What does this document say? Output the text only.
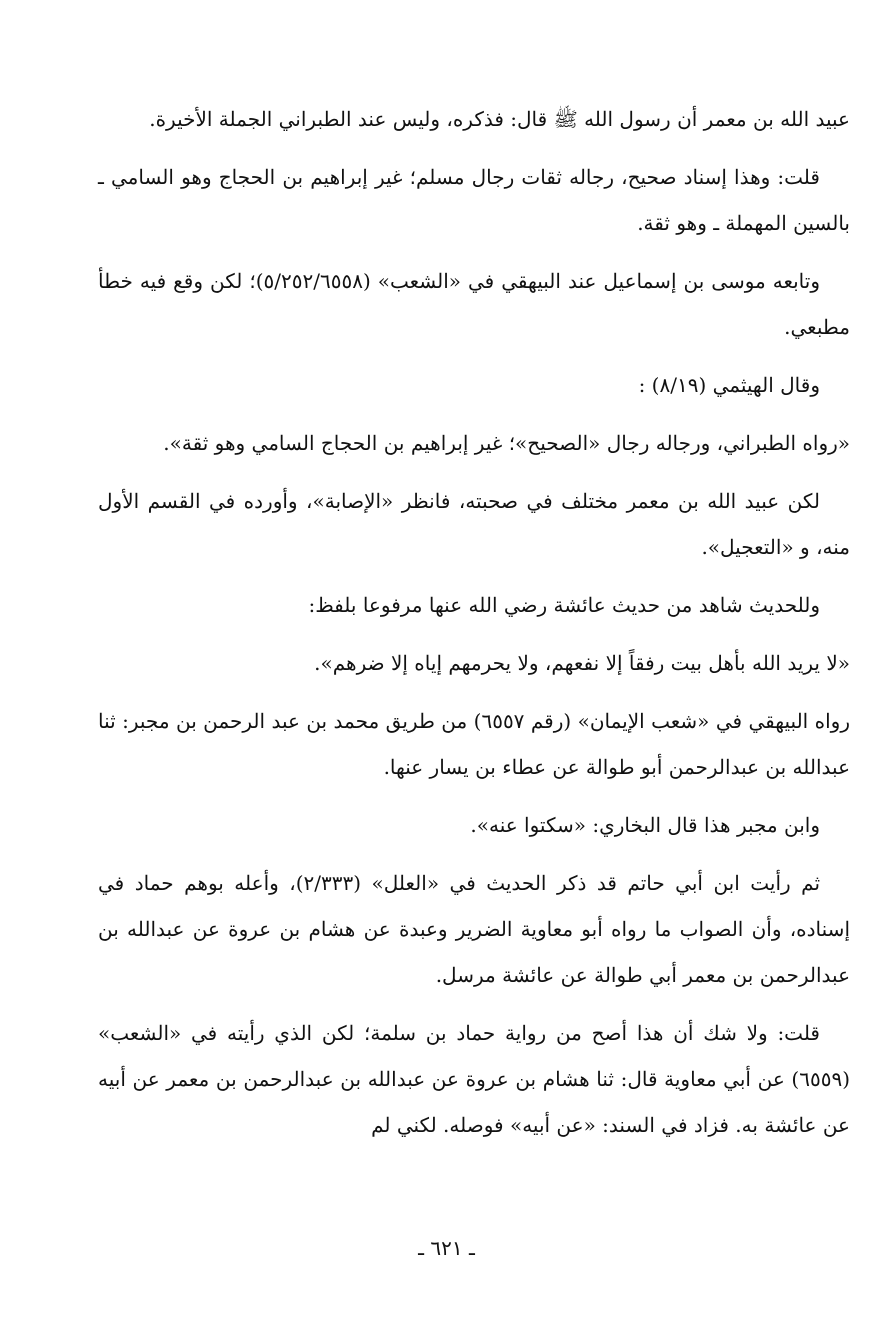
عبيد الله بن معمر أن رسول الله ﷺ قال: فذكره، وليس عند الطبراني الجملة الأخيرة.

قلت: وهذا إسناد صحيح، رجاله ثقات رجال مسلم؛ غير إبراهيم بن الحجاج وهو السامي ـ بالسين المهملة ـ وهو ثقة.

وتابعه موسى بن إسماعيل عند البيهقي في «الشعب» (٥/٢٥٢/٦٥٥٨)؛ لكن وقع فيه خطأ مطبعي.

وقال الهيثمي (٨/١٩) :

«رواه الطبراني، ورجاله رجال «الصحيح»؛ غير إبراهيم بن الحجاج السامي وهو ثقة».

لكن عبيد الله بن معمر مختلف في صحبته، فانظر «الإصابة»، وأورده في القسم الأول منه، و «التعجيل».

وللحديث شاهد من حديث عائشة رضي الله عنها مرفوعا بلفظ:

«لا يريد الله بأهل بيت رفقاً إلا نفعهم، ولا يحرمهم إياه إلا ضرهم».

رواه البيهقي في «شعب الإيمان» (رقم ٦٥٥٧) من طريق محمد بن عبد الرحمن بن مجبر: ثنا عبدالله بن عبدالرحمن أبو طوالة عن عطاء بن يسار عنها.

وابن مجبر هذا قال البخاري: «سكتوا عنه».

ثم رأيت ابن أبي حاتم قد ذكر الحديث في «العلل» (٢/٣٣٣)، وأعله بوهم حماد في إسناده، وأن الصواب ما رواه أبو معاوية الضرير وعبدة عن هشام بن عروة عن عبدالله بن عبدالرحمن بن معمر أبي طوالة عن عائشة مرسل.

قلت: ولا شك أن هذا أصح من رواية حماد بن سلمة؛ لكن الذي رأيته في «الشعب» (٦٥٥٩) عن أبي معاوية قال: ثنا هشام بن عروة عن عبدالله بن عبدالرحمن بن معمر عن أبيه عن عائشة به. فزاد في السند: «عن أبيه» فوصله. لكني لم

ـ ٦٢١ ـ
